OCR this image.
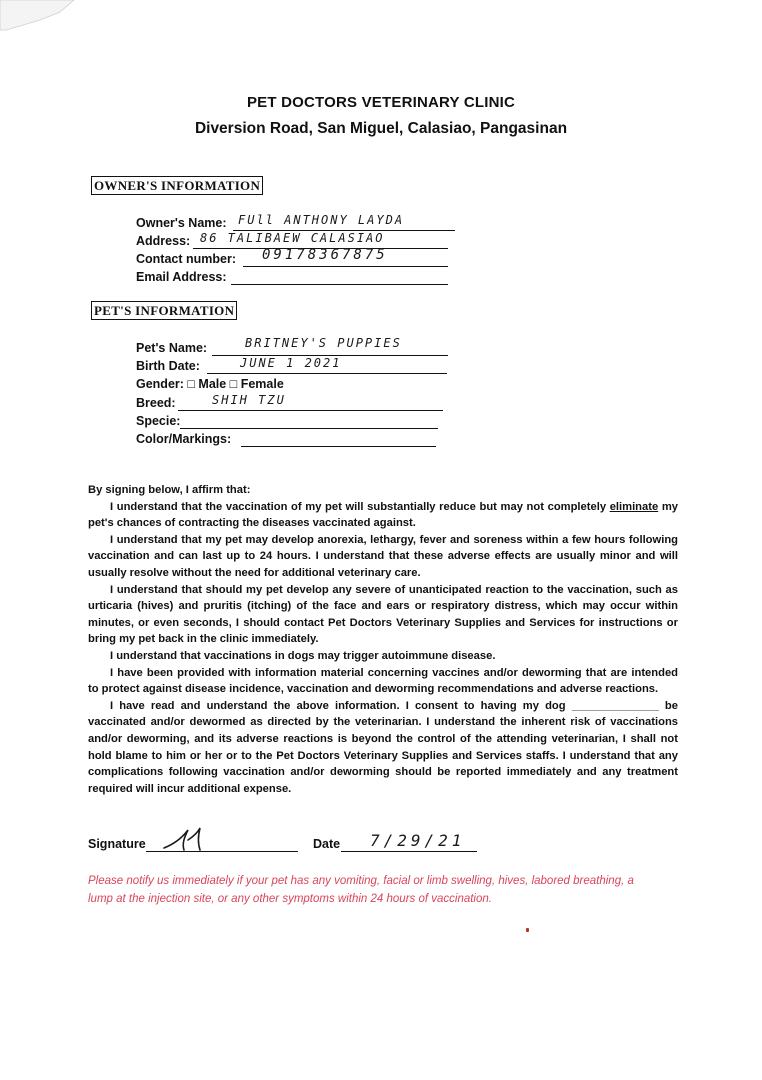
PET DOCTORS VETERINARY CLINIC
Diversion Road, San Miguel, Calasiao, Pangasinan
OWNER'S INFORMATION
Owner's Name: FUll ANTHONY LAYDA
Address: 86 TALIBAEW CALASIAO
Contact number: 09178367875
Email Address:
PET'S INFORMATION
Pet's Name:	BRITNEY'S PUPPIES
Birth Date:	JUNE 1 2021
Gender: □ Male □ Female
Breed:	SHIH TZU
Specie:
Color/Markings:

By signing below, I affirm that:

I understand that the vaccination of my pet will substantially reduce but may not completely eliminate my pet's chances of contracting the diseases vaccinated against.

I understand that my pet may develop anorexia, lethargy, fever and soreness within a few hours following vaccination and can last up to 24 hours. I understand that these adverse effects are usually minor and will usually resolve without the need for additional veterinary care.

I understand that should my pet develop any severe of unanticipated reaction to the vaccination, such as urticaria (hives) and pruritis (itching) of the face and ears or respiratory distress, which may occur within minutes, or even seconds, I should contact Pet Doctors Veterinary Supplies and Services for instructions or bring my pet back in the clinic immediately.

I understand that vaccinations in dogs may trigger autoimmune disease.

I have been provided with information material concerning vaccines and/or deworming that are intended to protect against disease incidence, vaccination and deworming recommendations and adverse reactions.

I have read and understand the above information. I consent to having my dog ______________ be vaccinated and/or dewormed as directed by the veterinarian. I understand the inherent risk of vaccinations and/or deworming, and its adverse reactions is beyond the control of the attending veterinarian, I shall not hold blame to him or her or to the Pet Doctors Veterinary Supplies and Services staffs. I understand that any complications following vaccination and/or deworming should be reported immediately and any treatment required will incur additional expense.

Signature	Date 7/29/21
Please notify us immediately if your pet has any vomiting, facial or limb swelling, hives, labored breathing, a lump at the injection site, or any other symptoms within 24 hours of vaccination.
